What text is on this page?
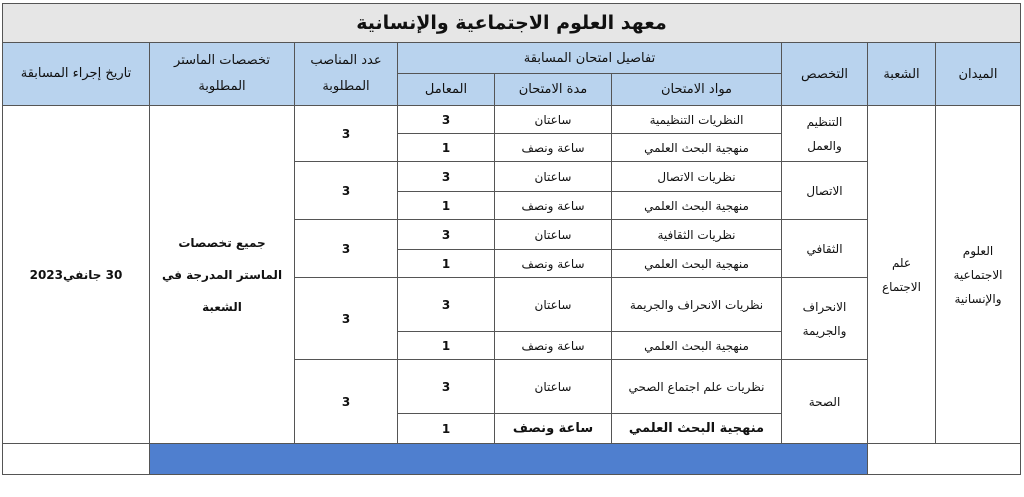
معهد العلوم الاجتماعية والإنسانية								
الميدان	الشعبة	التخصص	تفاصيل امتحان المسابقة			عدد المناصب المطلوبة	تخصصات الماستر المطلوبة	تاريخ إجراء المسابقة
			مواد الامتحان	مدة الامتحان	المعامل			
العلوم الاجتماعية والإنسانية	علم الاجتماع	التنظيم والعمل	النظريات التنظيمية	ساعتان	3	3	جميع تخصصات الماستر المدرجة في الشعبة	30 جانفي2023
			منهجية البحث العلمي	ساعة ونصف	1			
		الاتصال	نظريات الاتصال	ساعتان	3	3		
			منهجية البحث العلمي	ساعة ونصف	1			
		الثقافي	نظريات الثقافية	ساعتان	3	3		
			منهجية البحث العلمي	ساعة ونصف	1			
		الانحراف والجريمة	نظريات الانحراف والجريمة	ساعتان	3	3		
			منهجية البحث العلمي	ساعة ونصف	1			
		الصحة	نظريات علم اجتماع الصحي	ساعتان	3	3		
			منهجية البحث العلمي	ساعة ونصف	1			
